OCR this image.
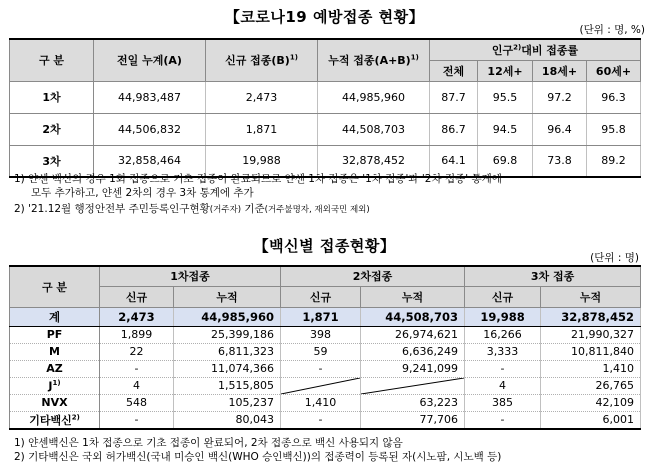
【코로나19 예방접종 현황】
(단위 : 명, %)
구 분	전일 누계(A)	신규 접종$(B)^{1)}$	누적 접종$(A+B)^{1)}$	인구$^{2)}$대비 접종률			
				전체	12세+	18세+	60세+
1차	44,983,487	2,473	44,985,960	87.7	95.5	97.2	96.3
2차	44,506,832	1,871	44,508,703	86.7	94.5	96.4	95.8
3차	32,858,464	19,988	32,878,452	64.1	69.8	73.8	89.2
1) 얀센 백신의 경우 1회 접종으로 기초 접종이 완료되므로 얀센 1차 접종은 '1차 접종'과 '2차 접종' 통계에
모두 추가하고, 얀센 2차의 경우 3차 통계에 추가
2) '21.12월 행정안전부 주민등록인구현황(거주자) 기준(거주불명자, 재외국민 제외)
【백신별 접종현황】
(단위 : 명)
구 분	1차접종		2차접종		3차 접종	
	신규	누적	신규	누적	신규	누적
계	2,473	44,985,960	1,871	44,508,703	19,988	32,878,452
PF	1,899	25,399,186	398	26,974,621	16,266	21,990,327
M	22	6,811,323	59	6,636,249	3,333	10,811,840
AZ	-	11,074,366	-	9,241,099	-	1,410
$J^{1)}$	4	1,515,805			4	26,765
NVX	548	105,237	1,410	63,223	385	42,109
기타백신$^{2)}$	-	80,043	-	77,706	-	6,001
1) 얀센백신은 1차 접종으로 기초 접종이 완료되어, 2차 접종으로 백신 사용되지 않음
2) 기타백신은 국외 허가백신(국내 미승인 백신(WHO 승인백신))의 접종력이 등록된 자(시노팜, 시노백 등)
